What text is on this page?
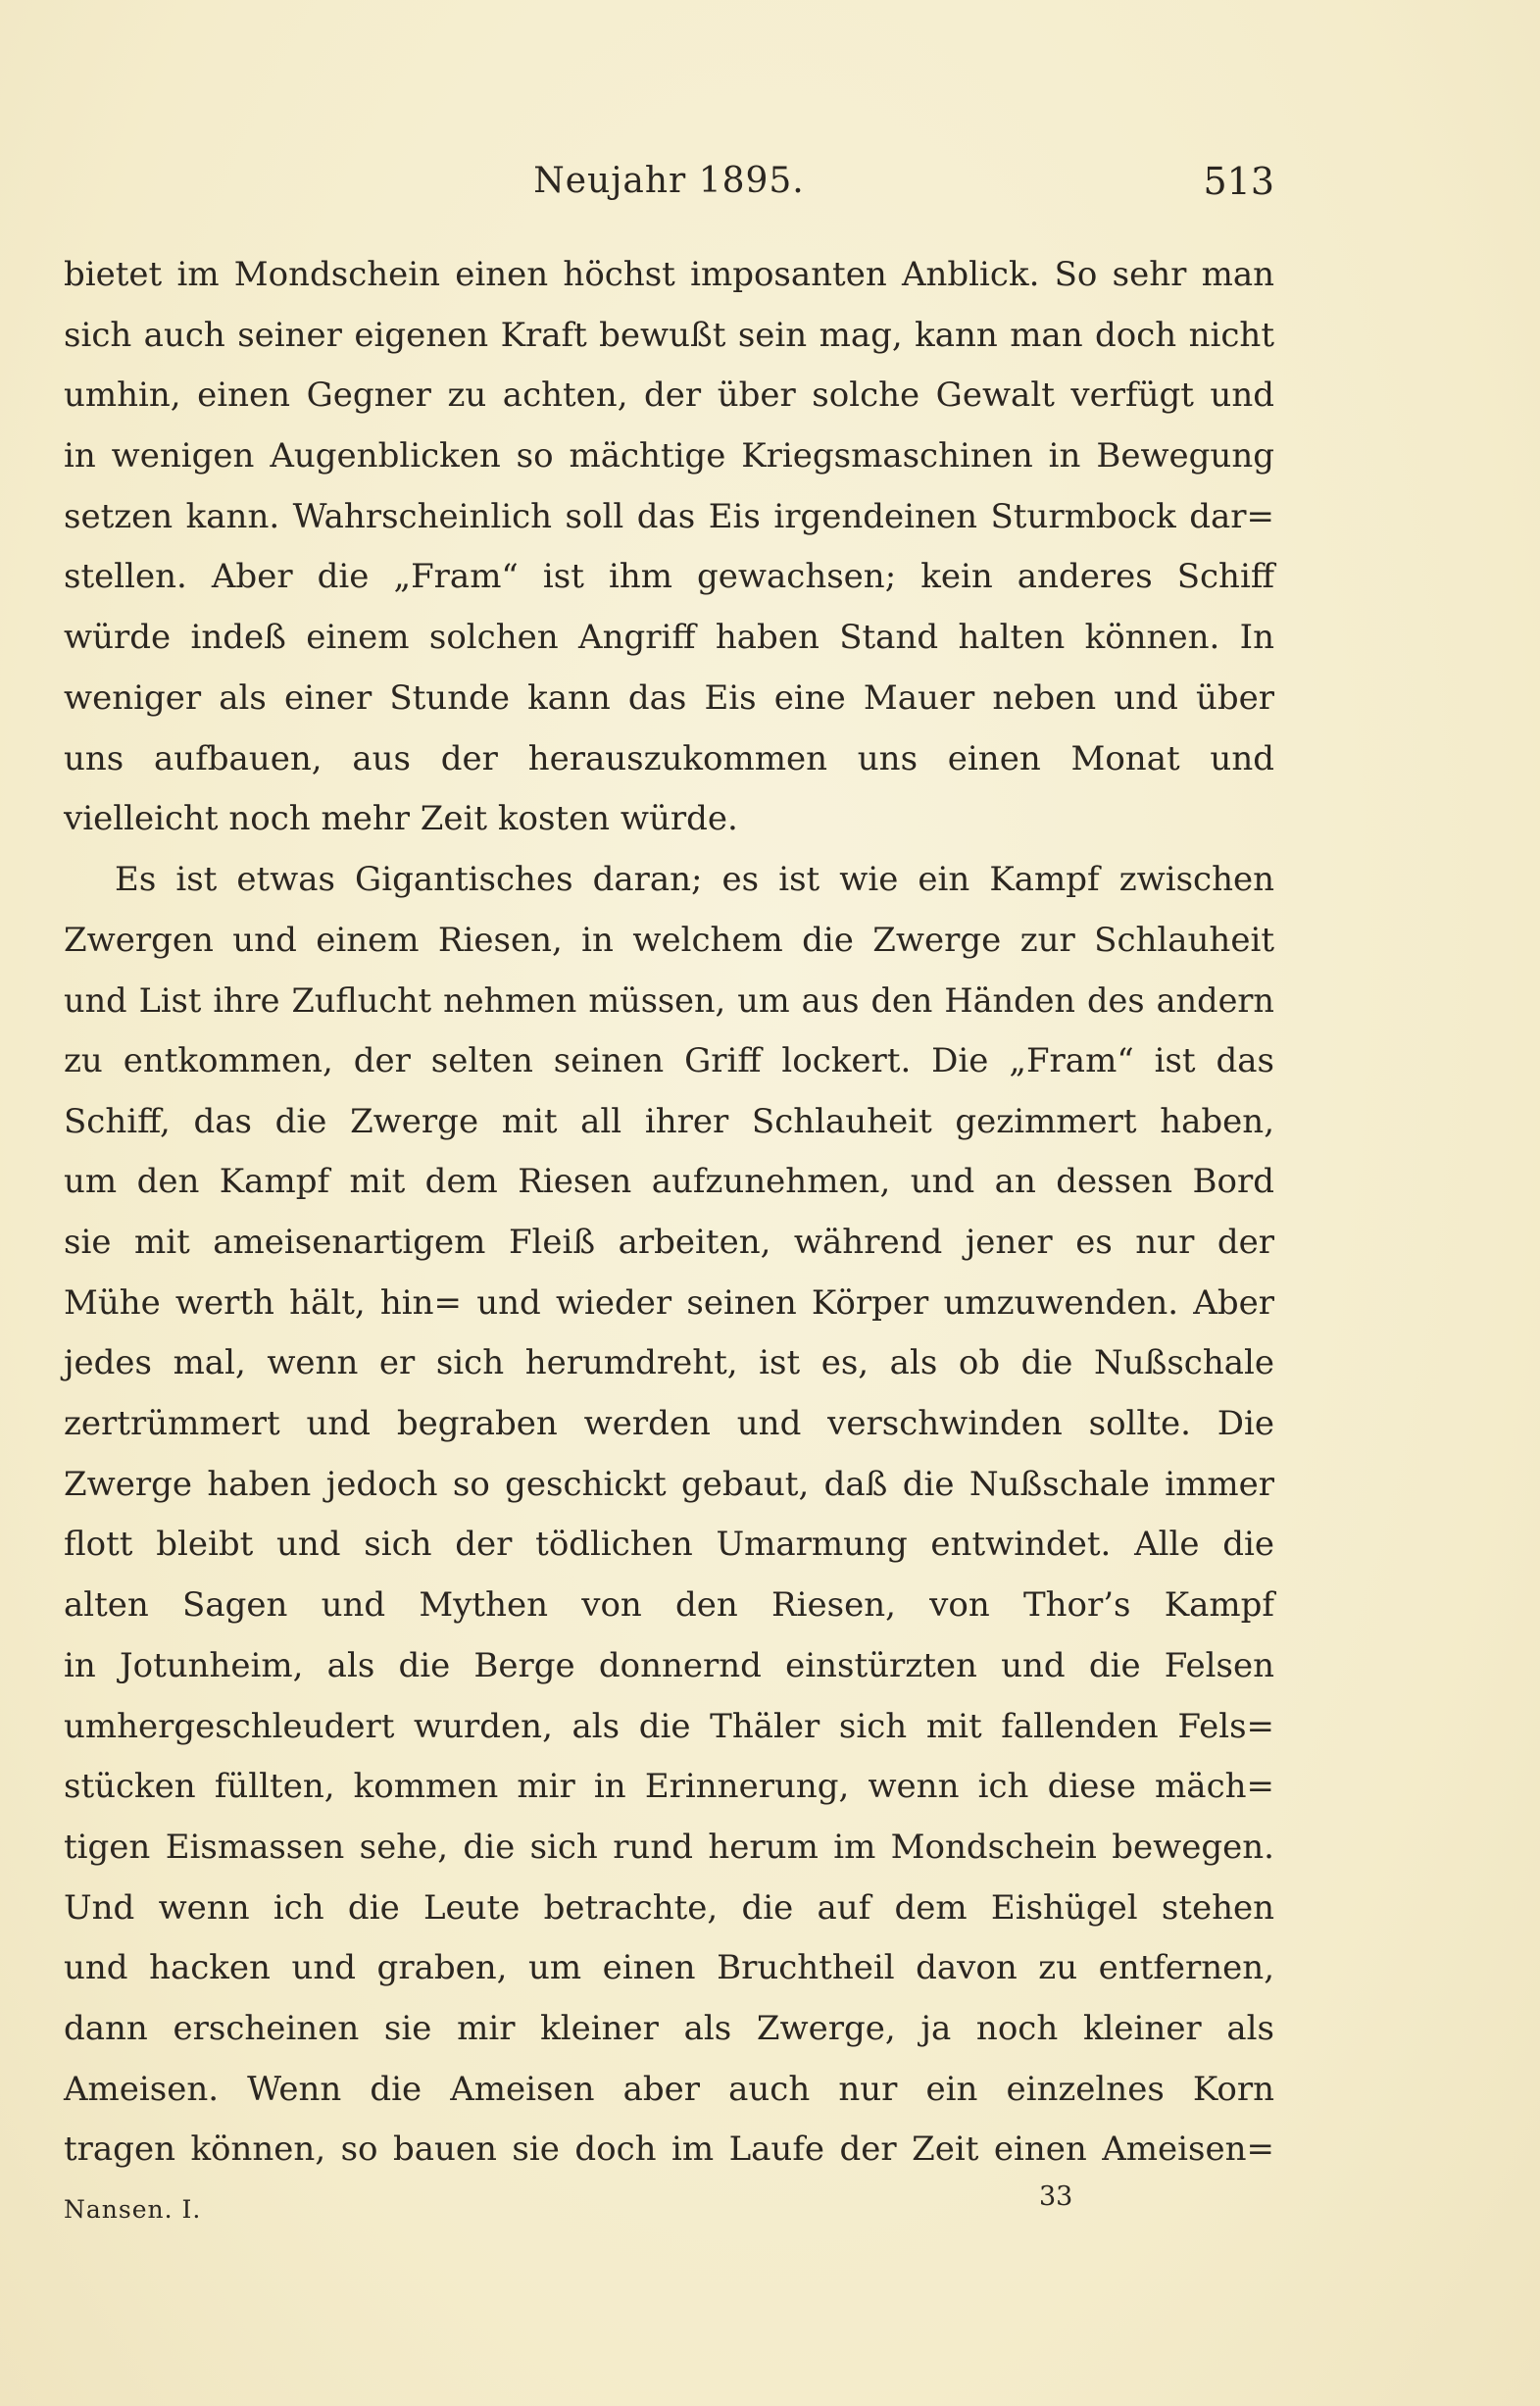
Neujahr 1895.	513
bietet im Mondschein einen höchst imposanten Anblick. So sehr man
sich auch seiner eigenen Kraft bewußt sein mag, kann man doch nicht
umhin, einen Gegner zu achten, der über solche Gewalt verfügt und
in wenigen Augenblicken so mächtige Kriegsmaschinen in Bewegung
setzen kann. Wahrscheinlich soll das Eis irgendeinen Sturmbock dar=
stellen. Aber die „Fram“ ist ihm gewachsen; kein anderes Schiff
würde indeß einem solchen Angriff haben Stand halten können. In
weniger als einer Stunde kann das Eis eine Mauer neben und über
uns aufbauen, aus der herauszukommen uns einen Monat und
vielleicht noch mehr Zeit kosten würde.
Es ist etwas Gigantisches daran; es ist wie ein Kampf zwischen
Zwergen und einem Riesen, in welchem die Zwerge zur Schlauheit
und List ihre Zuflucht nehmen müssen, um aus den Händen des andern
zu entkommen, der selten seinen Griff lockert. Die „Fram“ ist das
Schiff, das die Zwerge mit all ihrer Schlauheit gezimmert haben,
um den Kampf mit dem Riesen aufzunehmen, und an dessen Bord
sie mit ameisenartigem Fleiß arbeiten, während jener es nur der
Mühe werth hält, hin= und wieder seinen Körper umzuwenden. Aber
jedes mal, wenn er sich herumdreht, ist es, als ob die Nußschale
zertrümmert und begraben werden und verschwinden sollte. Die
Zwerge haben jedoch so geschickt gebaut, daß die Nußschale immer
flott bleibt und sich der tödlichen Umarmung entwindet. Alle die
alten Sagen und Mythen von den Riesen, von Thor’s Kampf
in Jotunheim, als die Berge donnernd einstürzten und die Felsen
umhergeschleudert wurden, als die Thäler sich mit fallenden Fels=
stücken füllten, kommen mir in Erinnerung, wenn ich diese mäch=
tigen Eismassen sehe, die sich rund herum im Mondschein bewegen.
Und wenn ich die Leute betrachte, die auf dem Eishügel stehen
und hacken und graben, um einen Bruchtheil davon zu entfernen,
dann erscheinen sie mir kleiner als Zwerge, ja noch kleiner als
Ameisen. Wenn die Ameisen aber auch nur ein einzelnes Korn
tragen können, so bauen sie doch im Laufe der Zeit einen Ameisen=
Nansen. I.	33
